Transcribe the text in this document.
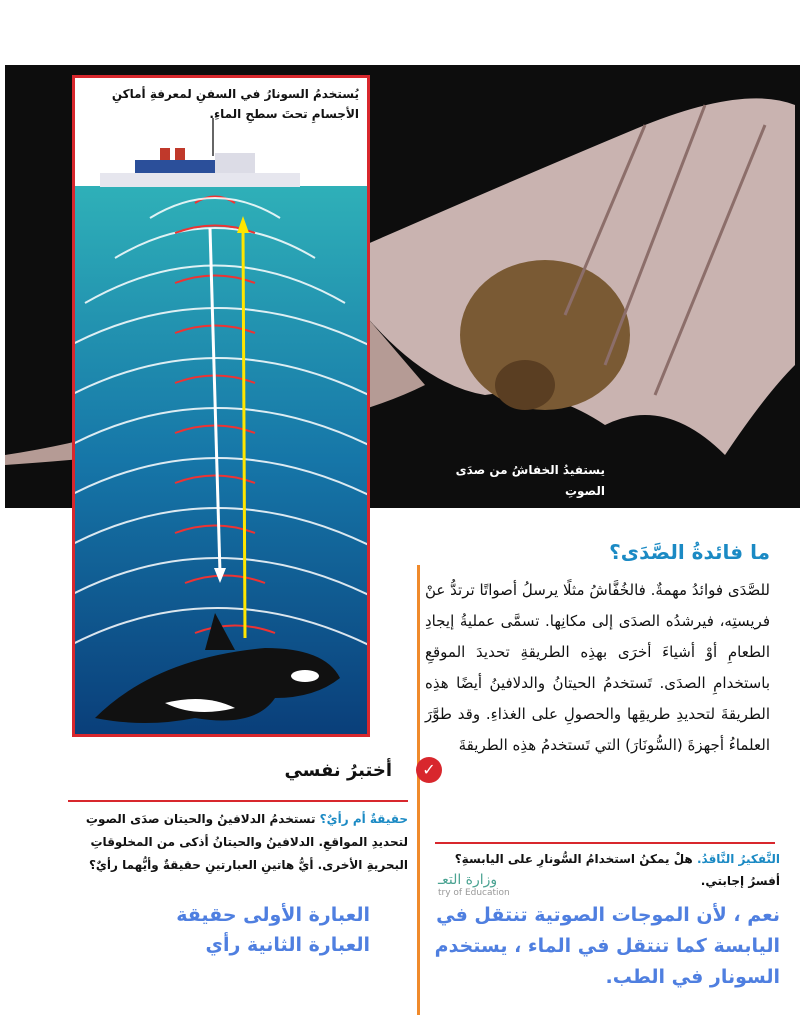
يستفيدُ الخفاشُ من صدَى الصوتِ
في تحديدِ موقعِ فريستِه.
يُستخدمُ السونارُ في السفنِ لمعرفةِ أماكنِ الأجسامِ تحتَ سطحِ الماءِ.
ما فائدةُ الصَّدَى؟

للصَّدَى فوائدُ مهمةٌ. فالخُفَّاشُ مثلًا يرسلُ أصواتًا ترتدُّ عنْ فريستِه، فيرشدُه الصدَى إلى مكانِها. تسمَّى عمليةُ إيجادِ الطعامِ أوْ أشياءَ أخرَى بهذِه الطريقةِ تحديدَ الموقعِ باستخدامِ الصدَى. تَستخدمُ الحيتانُ والدلافينُ أيضًا هذِه الطريقةَ لتحديدِ طريقِها والحصولِ على الغذاءِ. وقد طوَّرَ العلماءُ أجهزةَ (السُّونَارَ) التي تَستخدمُ هذِه الطريقةَ

✓
أختبرُ نفسي
حقيقةٌ أم رأيٌ؟ تستخدمُ الدلافينُ والحيتان صدَى الصوتِ لتحديدِ المواقعِ. الدلافينُ والحيتانُ أذكى من المخلوقاتِ البحريةِ الأخرى. أيُّ هاتينِ العبارتينِ حقيقةٌ وأيُّهما رأيٌ؟
العبارة الأولى حقيقة
العبارة الثانية رأي
التَّفكيرُ النَّاقدُ. هلْ يمكنُ استخدامُ السُّونارِ على اليابسةِ؟
أفسرُ إجابتي.
وزارة التعـ
try of Education
نعم ، لأن الموجات الصوتية تنتقل في اليابسة كما تنتقل في الماء ، يستخدم السونار في الطب.
